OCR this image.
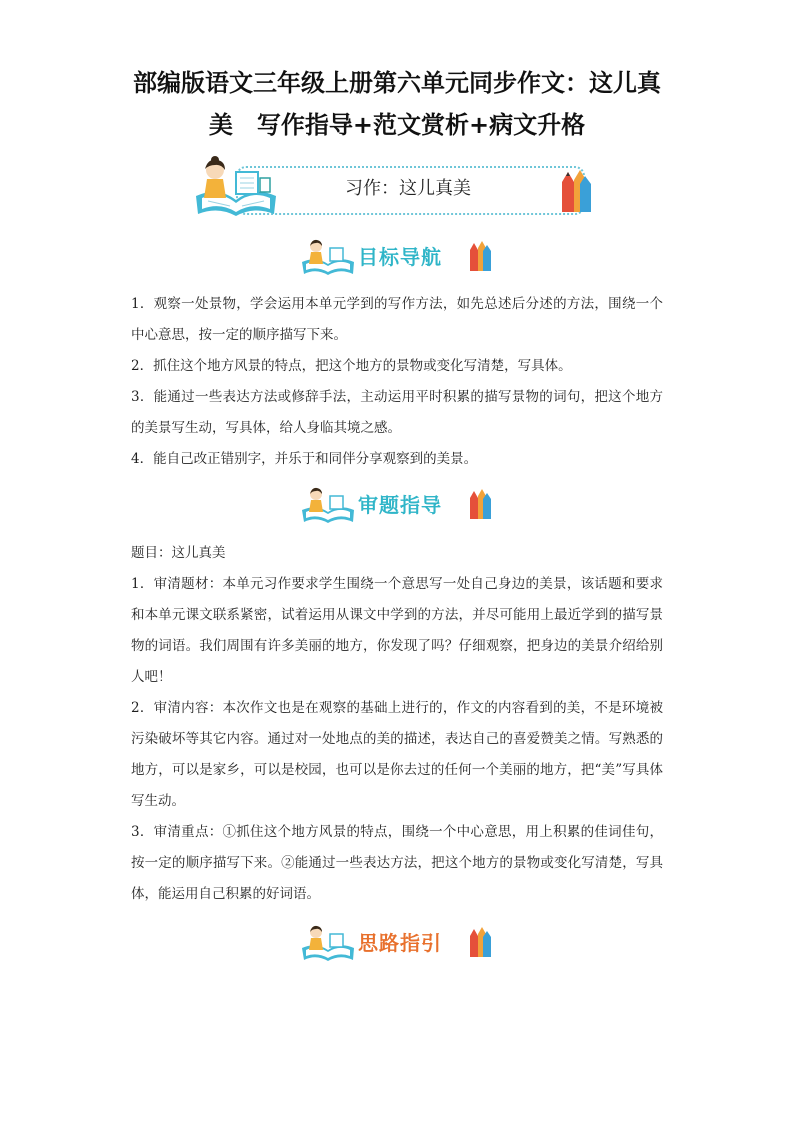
部编版语文三年级上册第六单元同步作文：这儿真
美　写作指导+范文赏析+病文升格
习作：这儿真美
目标导航

1．观察一处景物，学会运用本单元学到的写作方法，如先总述后分述的方法，围绕一个中心意思，按一定的顺序描写下来。

2．抓住这个地方风景的特点，把这个地方的景物或变化写清楚，写具体。

3．能通过一些表达方法或修辞手法，主动运用平时积累的描写景物的词句，把这个地方的美景写生动，写具体，给人身临其境之感。

4．能自己改正错别字，并乐于和同伴分享观察到的美景。

审题指导

题目：这儿真美

1．审清题材：本单元习作要求学生围绕一个意思写一处自己身边的美景，该话题和要求和本单元课文联系紧密，试着运用从课文中学到的方法，并尽可能用上最近学到的描写景物的词语。我们周围有许多美丽的地方，你发现了吗？仔细观察，把身边的美景介绍给别人吧！

2．审清内容：本次作文也是在观察的基础上进行的，作文的内容看到的美，不是环境被污染破坏等其它内容。通过对一处地点的美的描述，表达自己的喜爱赞美之情。写熟悉的地方，可以是家乡，可以是校园，也可以是你去过的任何一个美丽的地方，把“美”写具体写生动。

3．审清重点：①抓住这个地方风景的特点，围绕一个中心意思，用上积累的佳词佳句，按一定的顺序描写下来。②能通过一些表达方法，把这个地方的景物或变化写清楚，写具体，能运用自己积累的好词语。

思路指引
